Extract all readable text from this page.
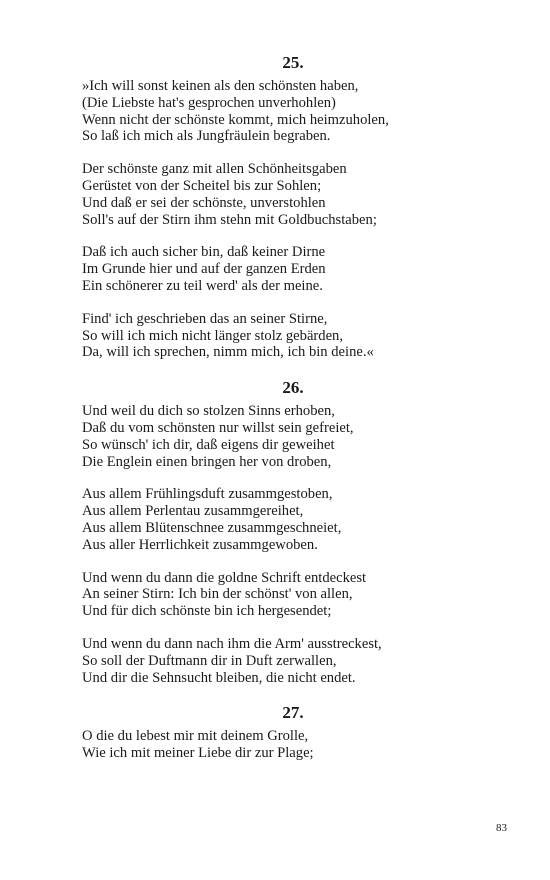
25.
»Ich will sonst keinen als den schönsten haben,
(Die Liebste hat's gesprochen unverhohlen)
Wenn nicht der schönste kommt, mich heimzuholen,
So laß ich mich als Jungfräulein begraben.
Der schönste ganz mit allen Schönheitsgaben
Gerüstet von der Scheitel bis zur Sohlen;
Und daß er sei der schönste, unverstohlen
Soll's auf der Stirn ihm stehn mit Goldbuchstaben;
Daß ich auch sicher bin, daß keiner Dirne
Im Grunde hier und auf der ganzen Erden
Ein schönerer zu teil werd' als der meine.
Find' ich geschrieben das an seiner Stirne,
So will ich mich nicht länger stolz gebärden,
Da, will ich sprechen, nimm mich, ich bin deine.«
26.
Und weil du dich so stolzen Sinns erhoben,
Daß du vom schönsten nur willst sein gefreiet,
So wünsch' ich dir, daß eigens dir geweihet
Die Englein einen bringen her von droben,
Aus allem Frühlingsduft zusammgestoben,
Aus allem Perlentau zusammgereihet,
Aus allem Blütenschnee zusammgeschneiet,
Aus aller Herrlichkeit zusammgewoben.
Und wenn du dann die goldne Schrift entdeckest
An seiner Stirn: Ich bin der schönst' von allen,
Und für dich schönste bin ich hergesendet;
Und wenn du dann nach ihm die Arm' ausstreckest,
So soll der Duftmann dir in Duft zerwallen,
Und dir die Sehnsucht bleiben, die nicht endet.
27.
O die du lebest mir mit deinem Grolle,
Wie ich mit meiner Liebe dir zur Plage;
83
